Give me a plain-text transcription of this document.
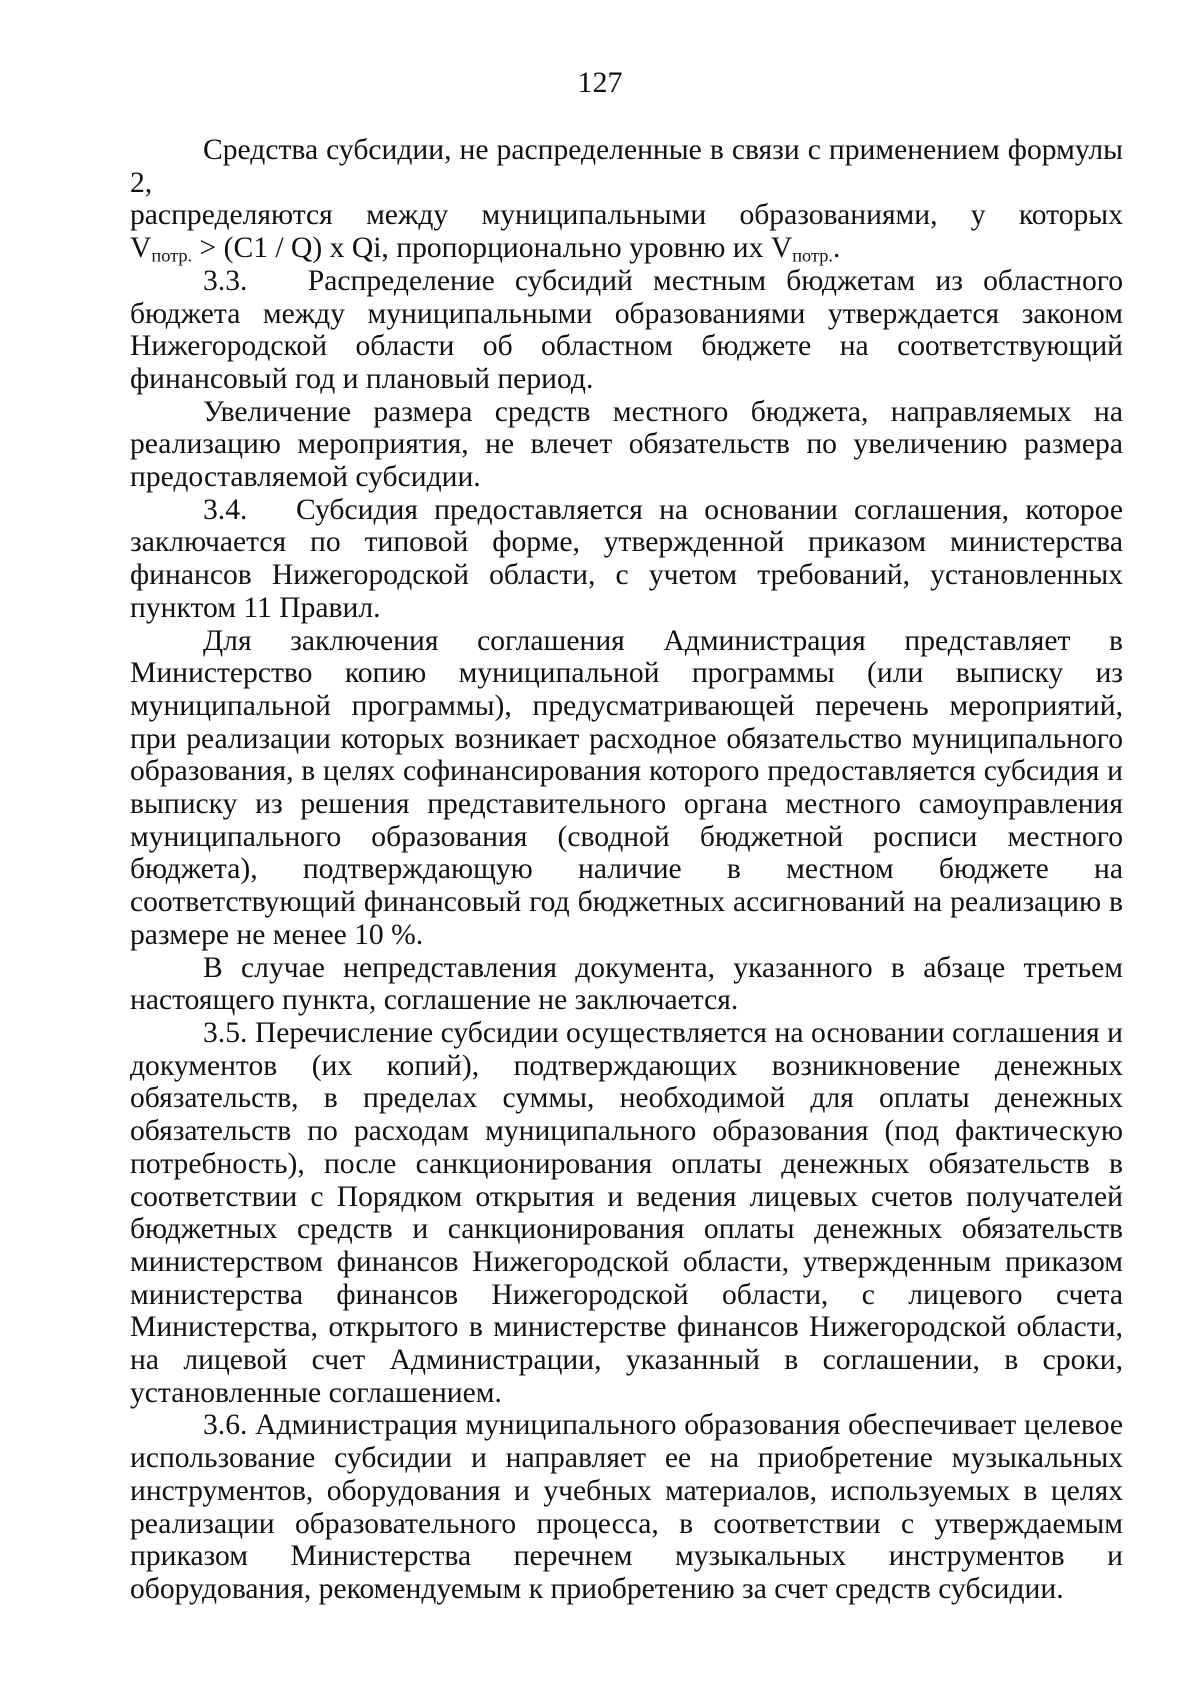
127

Средства субсидии, не распределенные в связи с применением формулы 2,
распределяются между муниципальными образованиями, у которых
$V_{потр.} > (C1 / Q)$ x Qi, пропорционально уровню их $V_{потр.}$.

3.3.   Распределение субсидий местным бюджетам из областного бюджета между муниципальными образованиями утверждается законом Нижегородской области об областном бюджете на соответствующий финансовый год и плановый период.

Увеличение размера средств местного бюджета, направляемых на реализацию мероприятия, не влечет обязательств по увеличению размера предоставляемой субсидии.

3.4.   Субсидия предоставляется на основании соглашения, которое заключается по типовой форме, утвержденной приказом министерства финансов Нижегородской области, с учетом требований, установленных пунктом 11 Правил.

Для заключения соглашения Администрация представляет в Министерство копию муниципальной программы (или выписку из муниципальной программы), предусматривающей перечень мероприятий, при реализации которых возникает расходное обязательство муниципального образования, в целях софинансирования которого предоставляется субсидия и выписку из решения представительного органа местного самоуправления муниципального образования (сводной бюджетной росписи местного бюджета), подтверждающую наличие в местном бюджете на соответствующий финансовый год бюджетных ассигнований на реализацию в размере не менее 10 %.

В случае непредставления документа, указанного в абзаце третьем настоящего пункта, соглашение не заключается.

3.5. Перечисление субсидии осуществляется на основании соглашения и документов (их копий), подтверждающих возникновение денежных обязательств, в пределах суммы, необходимой для оплаты денежных обязательств по расходам муниципального образования (под фактическую потребность), после санкционирования оплаты денежных обязательств в соответствии с Порядком открытия и ведения лицевых счетов получателей бюджетных средств и санкционирования оплаты денежных обязательств министерством финансов Нижегородской области, утвержденным приказом министерства финансов Нижегородской области, с лицевого счета Министерства, открытого в министерстве финансов Нижегородской области, на лицевой счет Администрации, указанный в соглашении, в сроки, установленные соглашением.

3.6. Администрация муниципального образования обеспечивает целевое использование субсидии и направляет ее на приобретение музыкальных инструментов, оборудования и учебных материалов, используемых в целях реализации образовательного процесса, в соответствии с утверждаемым приказом Министерства перечнем музыкальных инструментов и оборудования, рекомендуемым к приобретению за счет средств субсидии.
